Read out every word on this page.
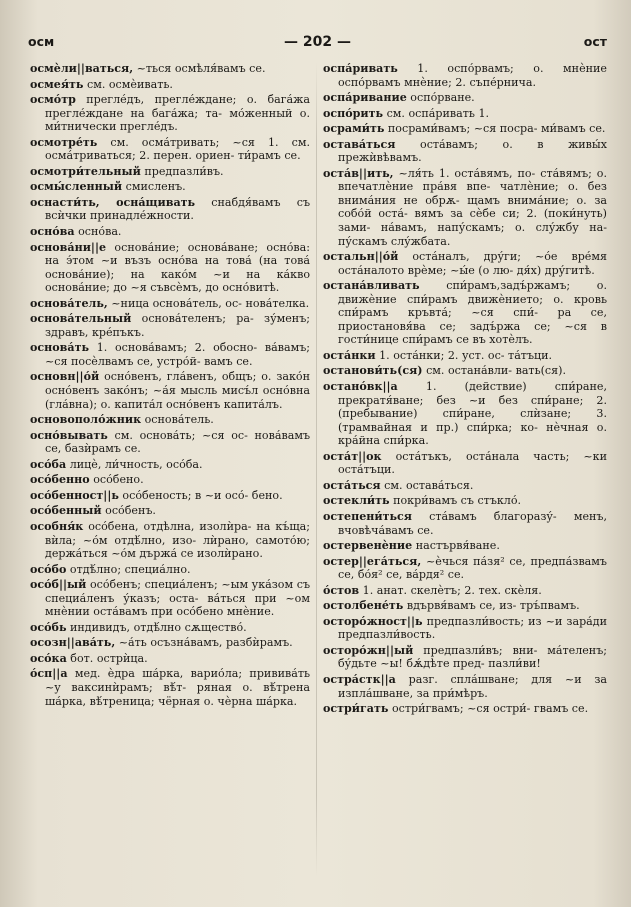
осм	— 202 —	ост

осмѐли||ваться, ~ться осмѣля́вамъ се.

осмея́ть см. осмѐивать.

осмо́тр прегле́дъ, прегле́ждане; о. бага́жа прегле́ждане на бага́жа; та- мо́женный о. ми́тнически прегле́дъ.

осмотре́ть см. осма́тривать; ~ся 1. см. осма́триваться; 2. перен. ориен- ти́рамъ се.

осмотри́тельный предпазли́въ.

осмы́сленный смисленъ.

оснасти́ть, осна́щивать снабдя́вамъ съ всѝчки принадле́жности.

осно́ва осно́ва.

основа́ни||е основа́ние; основа́ване; осно́ва: на э́том ~и възъ осно́ва на това́ (на това́ основа́ние); на како́м ~и на ка́кво основа́ние; до ~я съвсѐмъ, до осно́вит͏ѣ.

основа́тель, ~ница основа́тель, ос- нова́телка.

основа́тельный основа́теленъ; ра- зу́менъ; здравъ, кре́пъкъ.

основа́ть 1. основа́вамъ; 2. обосно- ва́вамъ; ~ся посѐлвамъ се, устро́й- вамъ се.

основн||о́й осно́вен͏ъ, гла́вен͏ъ, общъ; о. зако́н осно́вен͏ъ зако́нъ; ~а́я мысль мисъ́л осно́вна (гла́вна); о. капита́л осно́вен͏ъ капита́лъ.

основополо́жник основа́тель.

осно́вывать см. основа́ть; ~ся ос- нова́вамъ се, базѝрамъ се.

осо́ба лицѐ, ли́чность, осо́ба.

осо́бенно осо́бено.

осо́бенност||ь осо́беность; в ~и осо́- бено.

осо́бенный осо́бенъ.

особня́к осо́бена, отдѣлна, изолѝра- на къ́ща; вѝла; ~о́м отдѣ́лно, изо- лѝрано, самото́ю; держа́ться ~о́м държа́ се изолѝрано.

осо́бо отдѣ́лно; специа́лно.

осо́б||ый осо́бенъ; специа́ленъ; ~ым ука́зом съ специа́ленъ у́казъ; оста- ва́ться при ~ом мнѐнии оста́вамъ при осо́бено мнѐние.

осо́бь индивидъ, отдѣ́лно сѫщество́.

осозн||ава́ть, ~а́ть осъзна́вамъ, разбѝрамъ.

осо́ка бот. острѝца.

о́сп||а мед. ѐдра ша́рка, варио́ла; привива́ть ~у ваксинѝрамъ; вѣ́т- ряная о. вѣ́трена ша́рка, вѣ́треница; чёрная о. чѐрна ша́рка.

оспа́ривать 1. оспо́рвамъ; о. мнѐние оспо́рвамъ мнѐние; 2. съпе́рнича.

оспа́ривание оспо́рване.

оспо́рить см. оспа́ривать 1.

осрами́ть посрами́вамъ; ~ся посра- ми́вамъ се.

остава́ться оста́вамъ; о. в живы́х прежѝвѣвамъ.

оста́в||ить, ~ля́ть 1. оста́вямъ, по- ста́вямъ; о. впечатлѐние пра́вя впе- чатлѐние; о. без внима́ния не обрѫ- щамъ внима́ние; о. за собо́й оста́- вямъ за сѐбе си; 2. (поки́нуть) зами- на́вамъ, напу́скамъ; о. слу́жбу на- пу́скамъ слу́жбата.

остальн||о́й оста́налъ, дру́ги; ~о́е вре́мя оста́налото врѐме; ~ы́е (о лю- дя́х) дру́гит͏ѣ.

остана́вливать спи́рамъ,задъ́ржамъ; о. движѐние спи́рамъ движѐнието; о. кровь спи́рамъ кръвта́; ~ся спи́- ра се, приостановя́ва се; задъ́ржа се; ~ся в гости́нице спи́рамъ се въ хотѐлъ.

оста́нки 1. оста́нки; 2. уст. ос- та́тъци.

останови́ть(ся) см. остана́вли- вать(ся).

остано́вк||а	1. (действие) спи́ране, прекратя́ване; без ~и без спи́ране; 2. (пребывание) спи́ране, слѝзане; 3. (трамвайная и пр.) спи́рка; ко- нѐчная о. кра́йна спи́рка.

оста́т||ок оста́тъкъ, оста́нала часть; ~ки оста́тъци.

оста́ться см. остава́ться.

остекли́ть покри́вамъ съ стъкло́.

остепени́ться ста́вамъ благоразу́- менъ, вчовѣча́вамъ се.

остервенѐние настървя́ване.

остер||ега́ться, ~ѐчься па́зя² се, предпа́звамъ се, бо́я² се, ва́рдя² се.

о́стов 1. анат. скелѐтъ; 2. тех. скѐля.

остолбене́ть вдървя́вамъ се, из- тръ́пвамъ.

осторо́жност||ь предпазли́вость; из ~и зара́ди предпазли́вость.

осторо́жн||ый предпазли́въ; вни- ма́теленъ; бу́дьте ~ы! бѫ́дѣте пред- пазли́ви!

остра́стк||а разг. спла́шване; для ~и за изпла́шване, за при́мѣръ.

остри́гать остри́гвамъ; ~ся остри́- гвамъ се.
